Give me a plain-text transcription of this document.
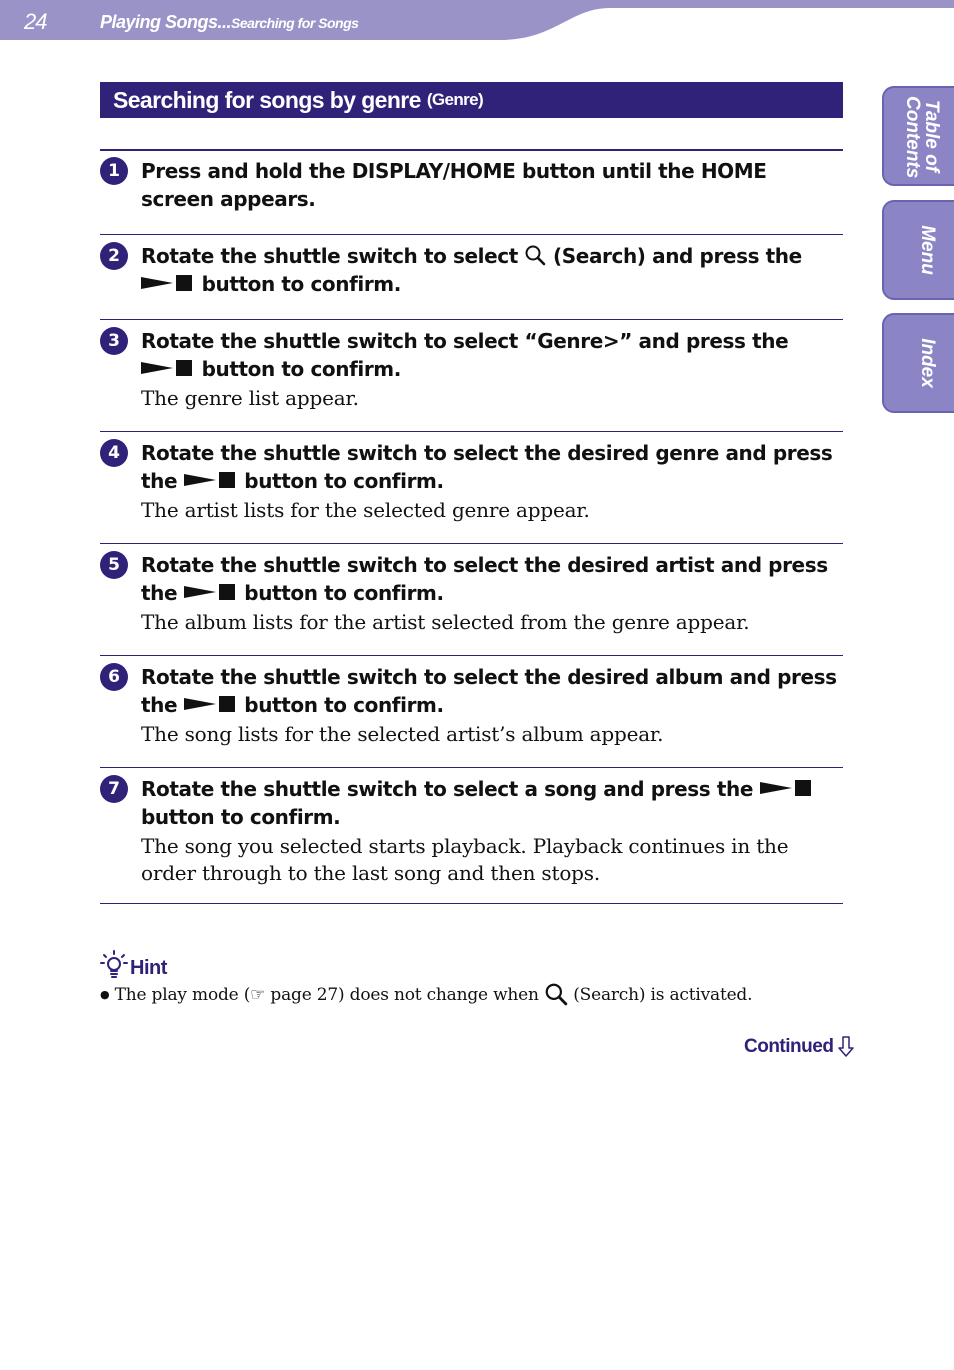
24	Playing Songs...Searching for Songs
Searching for songs by genre (Genre)
1	Press and hold the DISPLAY/HOME button until the HOME screen appears.
2	Rotate the shuttle switch to select  (Search) and press the  button to confirm.
3	Rotate the shuttle switch to select “Genre>” and press the  button to confirm.
The genre list appear.
4	Rotate the shuttle switch to select the desired genre and press the	button to confirm.
The artist lists for the selected genre appear.
5	Rotate the shuttle switch to select the desired artist and press the	button to confirm.
The album lists for the artist selected from the genre appear.
6	Rotate the shuttle switch to select the desired album and press the	button to confirm.
The song lists for the selected artist’s album appear.
7	Rotate the shuttle switch to select a song and press the  button to confirm.
The song you selected starts playback. Playback continues in the order through to the last song and then stops.
Table of Contents
Menu
Index
Hint
● The play mode (☞ page 27) does not change when  (Search) is activated.
Continued
